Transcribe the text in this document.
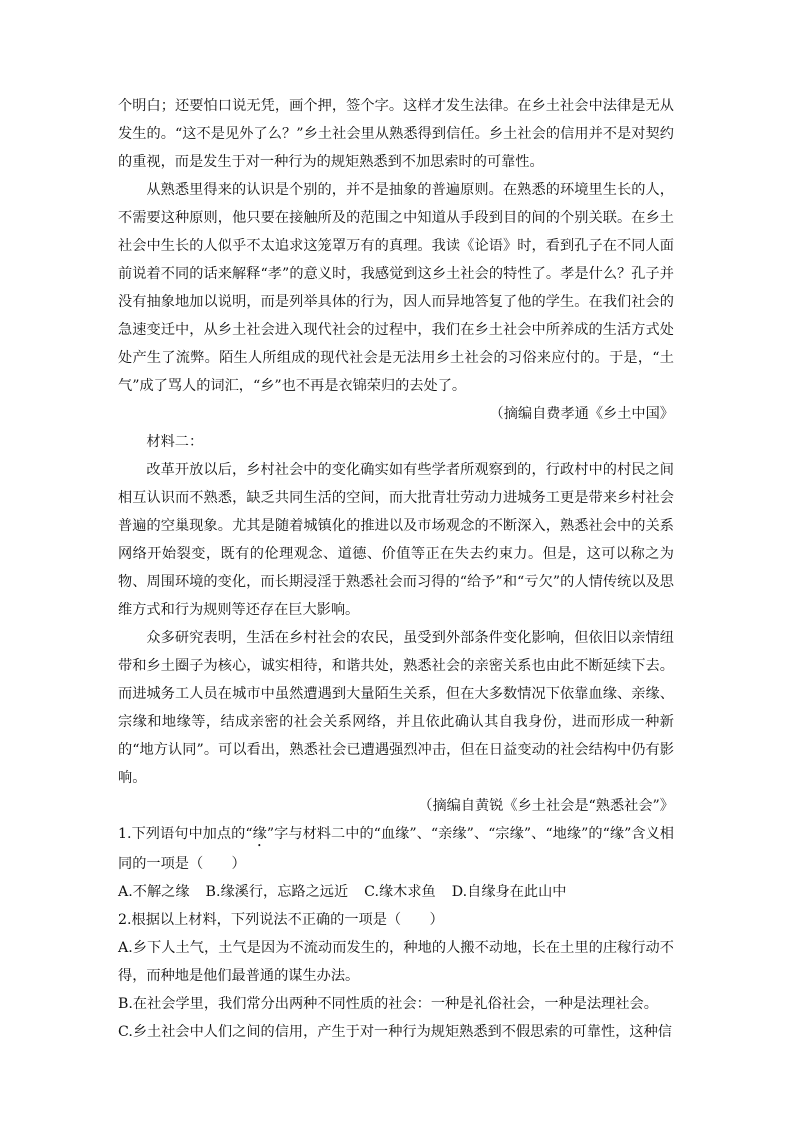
个明白；还要怕口说无凭，画个押，签个字。这样才发生法律。在乡土社会中法律是无从发生的。“这不是见外了么？”乡土社会里从熟悉得到信任。乡土社会的信用并不是对契约的重视，而是发生于对一种行为的规矩熟悉到不加思索时的可靠性。

从熟悉里得来的认识是个别的，并不是抽象的普遍原则。在熟悉的环境里生长的人，不需要这种原则，他只要在接触所及的范围之中知道从手段到目的间的个别关联。在乡土社会中生长的人似乎不太追求这笼罩万有的真理。我读《论语》时，看到孔子在不同人面前说着不同的话来解释“孝”的意义时，我感觉到这乡土社会的特性了。孝是什么？孔子并没有抽象地加以说明，而是列举具体的行为，因人而异地答复了他的学生。在我们社会的急速变迁中，从乡土社会进入现代社会的过程中，我们在乡土社会中所养成的生活方式处处产生了流弊。陌生人所组成的现代社会是无法用乡土社会的习俗来应付的。于是，“土气”成了骂人的词汇，“乡”也不再是衣锦荣归的去处了。

（摘编自费孝通《乡土中国》

材料二：

改革开放以后，乡村社会中的变化确实如有些学者所观察到的，行政村中的村民之间相互认识而不熟悉，缺乏共同生活的空间，而大批青壮劳动力进城务工更是带来乡村社会普遍的空巢现象。尤其是随着城镇化的推进以及市场观念的不断深入，熟悉社会中的关系网络开始裂变，既有的伦理观念、道德、价值等正在失去约束力。但是，这可以称之为物、周围环境的变化，而长期浸淫于熟悉社会而习得的“给予”和“亏欠”的人情传统以及思维方式和行为规则等还存在巨大影响。

众多研究表明，生活在乡村社会的农民，虽受到外部条件变化影响，但依旧以亲情纽带和乡土圈子为核心，诚实相待，和谐共处，熟悉社会的亲密关系也由此不断延续下去。而进城务工人员在城市中虽然遭遇到大量陌生关系，但在大多数情况下依靠血缘、亲缘、宗缘和地缘等，结成亲密的社会关系网络，并且依此确认其自我身份，进而形成一种新的“地方认同”。可以看出，熟悉社会已遭遇强烈冲击，但在日益变动的社会结构中仍有影响。

（摘编自黄锐《乡土社会是“熟悉社会”》

1.下列语句中加点的“缘”字与材料二中的“血缘”、“亲缘”、“宗缘”、“地缘”的“缘”含义相同的一项是（　　）

A.不解之缘 B.缘溪行，忘路之远近 C.缘木求鱼 D.自缘身在此山中

2.根据以上材料，下列说法不正确的一项是（　　）

A.乡下人土气，土气是因为不流动而发生的，种地的人搬不动地，长在土里的庄稼行动不得，而种地是他们最普通的谋生办法。

B.在社会学里，我们常分出两种不同性质的社会：一种是礼俗社会，一种是法理社会。

C.乡土社会中人们之间的信用，产生于对一种行为规矩熟悉到不假思索的可靠性，这种信
